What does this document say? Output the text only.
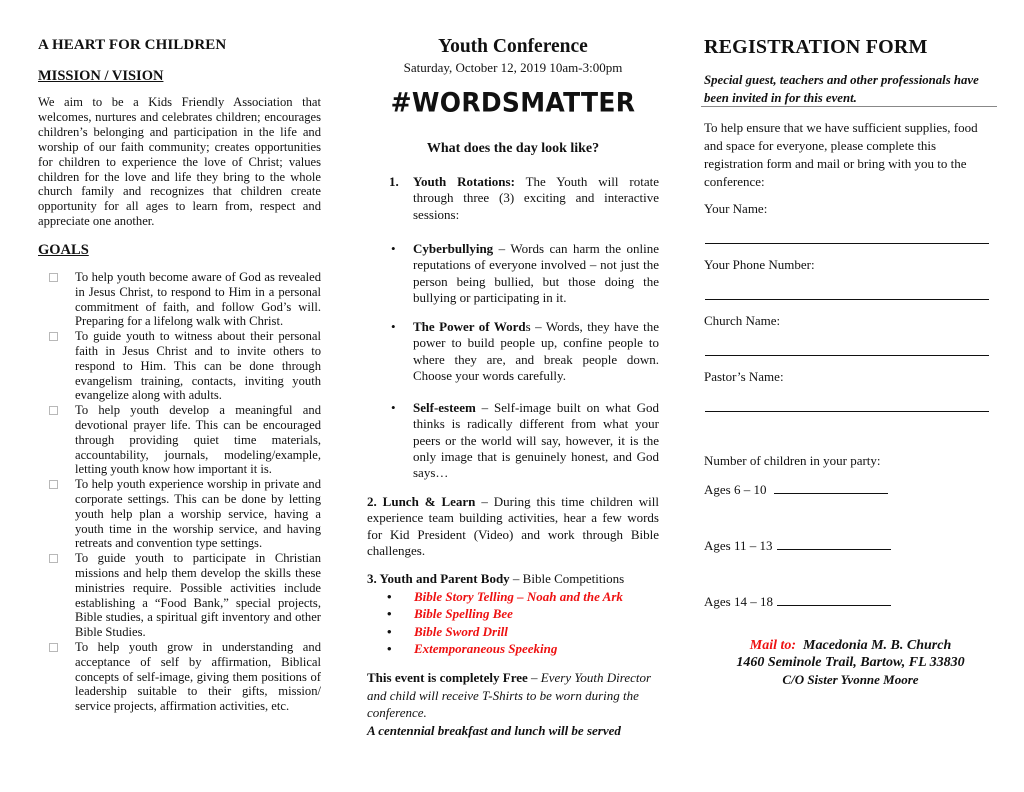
A HEART FOR CHILDREN
MISSION / VISION

We aim to be a Kids Friendly Association that welcomes, nurtures and celebrates children; encourages children’s belonging and participation in the life and worship of our faith community; creates opportunities for children to experience the love of Christ; values children for the love and life they bring to the whole church family and recognizes that children create opportunity for all ages to learn from, respect and appreciate one another.

GOALS
To help youth become aware of God as revealed in Jesus Christ, to respond to Him in a personal commitment of faith, and follow God’s will. Preparing for a lifelong walk with Christ.
To guide youth to witness about their personal faith in Jesus Christ and to invite others to respond to Him. This can be done through evangelism training, contacts, inviting youth evangelize along with adults.
To help youth develop a meaningful and devotional prayer life. This can be encouraged through providing quiet time materials, accountability, journals, modeling/example, letting youth know how important it is.
To help youth experience worship in private and corporate settings. This can be done by letting youth help plan a worship service, having a youth time in the worship service, and having retreats and convention type settings.
To guide youth to participate in Christian missions and help them develop the skills these ministries require. Possible activities include establishing a “Food Bank,” special projects, Bible studies, a spiritual gift inventory and other Bible Studies.
To help youth grow in understanding and acceptance of self by affirmation, Biblical concepts of self-image, giving them positions of leadership suitable to their gifts, mission/ service projects, affirmation activities, etc.
Youth Conference
Saturday, October 12, 2019 10am-3:00pm
#WORDSMATTER
What does the day look like?
1. Youth Rotations: The Youth will rotate through three (3) exciting and interactive sessions:
• Cyberbullying – Words can harm the online reputations of everyone involved – not just the person being bullied, but those doing the bullying or participating in it.
• The Power of Words – Words, they have the power to build people up, confine people to where they are, and break people down. Choose your words carefully.
• Self-esteem – Self-image built on what God thinks is radically different from what your peers or the world will say, however, it is the only image that is genuinely honest, and God says…

2. Lunch & Learn – During this time children will experience team building activities, hear a few words for Kid President (Video) and work through Bible challenges.

3. Youth and Parent Body – Bible Competitions

• Bible Story Telling – Noah and the Ark
• Bible Spelling Bee
• Bible Sword Drill
• Extemporaneous Speeking
This event is completely Free – Every Youth Director and child will receive T-Shirts to be worn during the conference.
A centennial breakfast and lunch will be served
REGISTRATION FORM
Special guest, teachers and other professionals have been invited in for this event.

To help ensure that we have sufficient supplies, food and space for everyone, please complete this registration form and mail or bring with you to the conference:

Your Name:
Your Phone Number:
Church Name:
Pastor’s Name:
Number of children in your party:
Ages 6 – 10
Ages 11 – 13
Ages 14 – 18
Mail to: Macedonia M. B. Church
1460 Seminole Trail, Bartow, FL 33830
C/O Sister Yvonne Moore
